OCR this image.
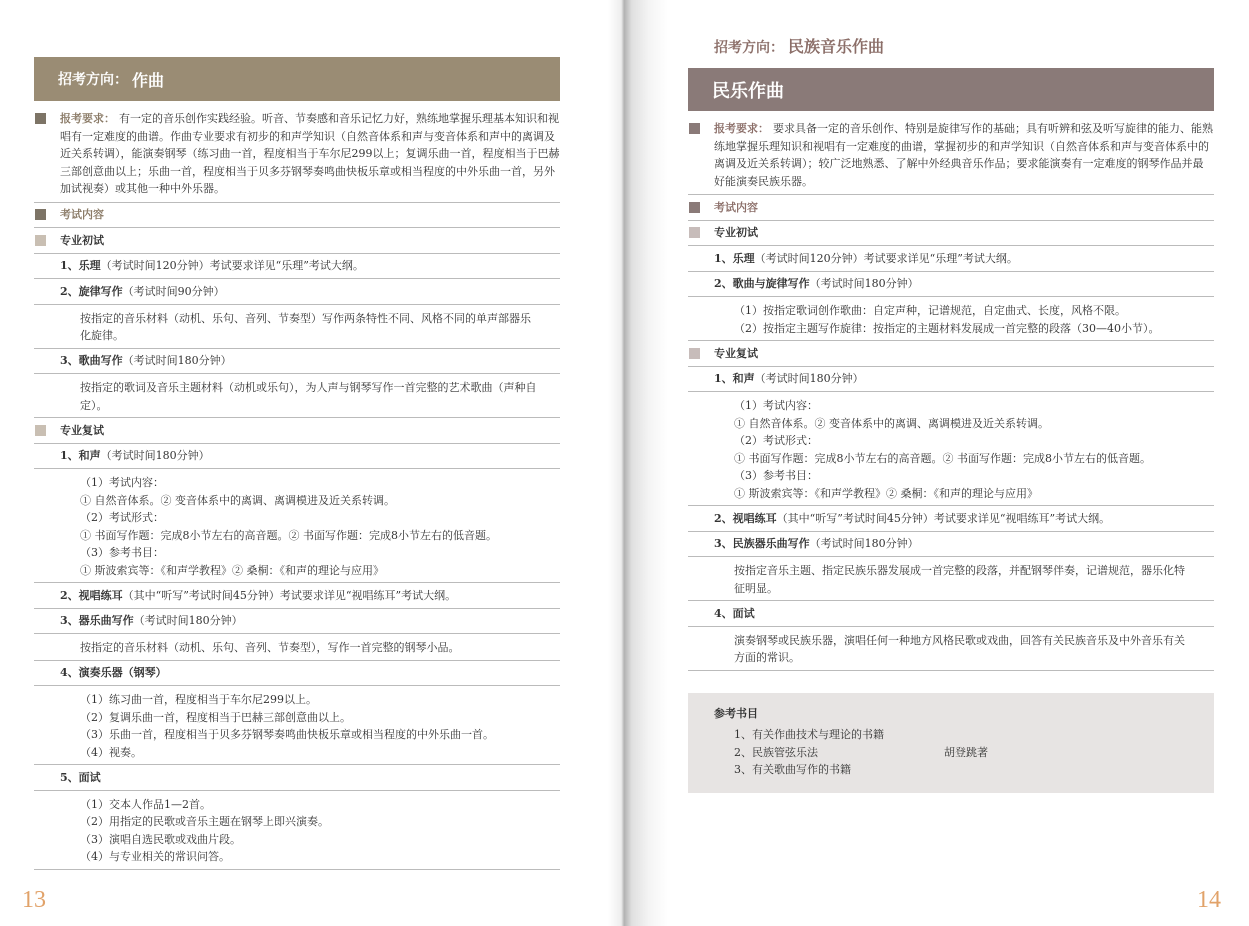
招考方向： 作曲
报考要求： 有一定的音乐创作实践经验。听音、节奏感和音乐记忆力好，熟练地掌握乐理基本知识和视唱有一定难度的曲谱。作曲专业要求有初步的和声学知识（自然音体系和声与变音体系和声中的离调及近关系转调），能演奏钢琴（练习曲一首，程度相当于车尔尼299以上；复调乐曲一首，程度相当于巴赫三部创意曲以上；乐曲一首，程度相当于贝多芬钢琴奏鸣曲快板乐章或相当程度的中外乐曲一首，另外加试视奏）或其他一种中外乐器。
考试内容
专业初试
1、乐理 （考试时间120分钟）考试要求详见“乐理”考试大纲。
2、旋律写作 （考试时间90分钟）
按指定的音乐材料（动机、乐句、音列、节奏型）写作两条特性不同、风格不同的单声部器乐化旋律。
3、歌曲写作 （考试时间180分钟）
按指定的歌词及音乐主题材料（动机或乐句），为人声与钢琴写作一首完整的艺术歌曲（声种自定）。
专业复试
1、和声 （考试时间180分钟）
（1）考试内容：
① 自然音体系。② 变音体系中的离调、离调模进及近关系转调。
（2）考试形式：
① 书面写作题：完成8小节左右的高音题。② 书面写作题：完成8小节左右的低音题。
（3）参考书目：
① 斯波索宾等：《和声学教程》② 桑桐：《和声的理论与应用》
2、视唱练耳 （其中“听写”考试时间45分钟）考试要求详见“视唱练耳”考试大纲。
3、器乐曲写作 （考试时间180分钟）
按指定的音乐材料（动机、乐句、音列、节奏型），写作一首完整的钢琴小品。
4、演奏乐器（钢琴）
（1）练习曲一首，程度相当于车尔尼299以上。
（2）复调乐曲一首，程度相当于巴赫三部创意曲以上。
（3）乐曲一首，程度相当于贝多芬钢琴奏鸣曲快板乐章或相当程度的中外乐曲一首。
（4）视奏。
5、面试
（1）交本人作品1—2首。
（2）用指定的民歌或音乐主题在钢琴上即兴演奏。
（3）演唱自选民歌或戏曲片段。
（4）与专业相关的常识问答。
13	14
招考方向： 民族音乐作曲
民乐作曲
报考要求： 要求具备一定的音乐创作、特别是旋律写作的基础；具有听辨和弦及听写旋律的能力、能熟练地掌握乐理知识和视唱有一定难度的曲谱，掌握初步的和声学知识（自然音体系和声与变音体系中的离调及近关系转调）；较广泛地熟悉、了解中外经典音乐作品；要求能演奏有一定难度的钢琴作品并最好能演奏民族乐器。
考试内容
专业初试
1、乐理 （考试时间120分钟）考试要求详见“乐理”考试大纲。
2、歌曲与旋律写作 （考试时间180分钟）
（1）按指定歌词创作歌曲：自定声种，记谱规范，自定曲式、长度，风格不限。
（2）按指定主题写作旋律：按指定的主题材料发展成一首完整的段落（30—40小节）。
专业复试
1、和声 （考试时间180分钟）
（1）考试内容：
① 自然音体系。② 变音体系中的离调、离调模进及近关系转调。
（2）考试形式：
① 书面写作题：完成8小节左右的高音题。② 书面写作题：完成8小节左右的低音题。
（3）参考书目：
① 斯波索宾等：《和声学教程》② 桑桐：《和声的理论与应用》
2、视唱练耳 （其中“听写”考试时间45分钟）考试要求详见“视唱练耳”考试大纲。
3、民族器乐曲写作 （考试时间180分钟）
按指定音乐主题、指定民族乐器发展成一首完整的段落，并配钢琴伴奏，记谱规范，器乐化特征明显。
4、面试
演奏钢琴或民族乐器，演唱任何一种地方风格民歌或戏曲，回答有关民族音乐及中外音乐有关方面的常识。
参考书目
1、有关作曲技术与理论的书籍
2、民族管弦乐法	胡登跳著
3、有关歌曲写作的书籍
